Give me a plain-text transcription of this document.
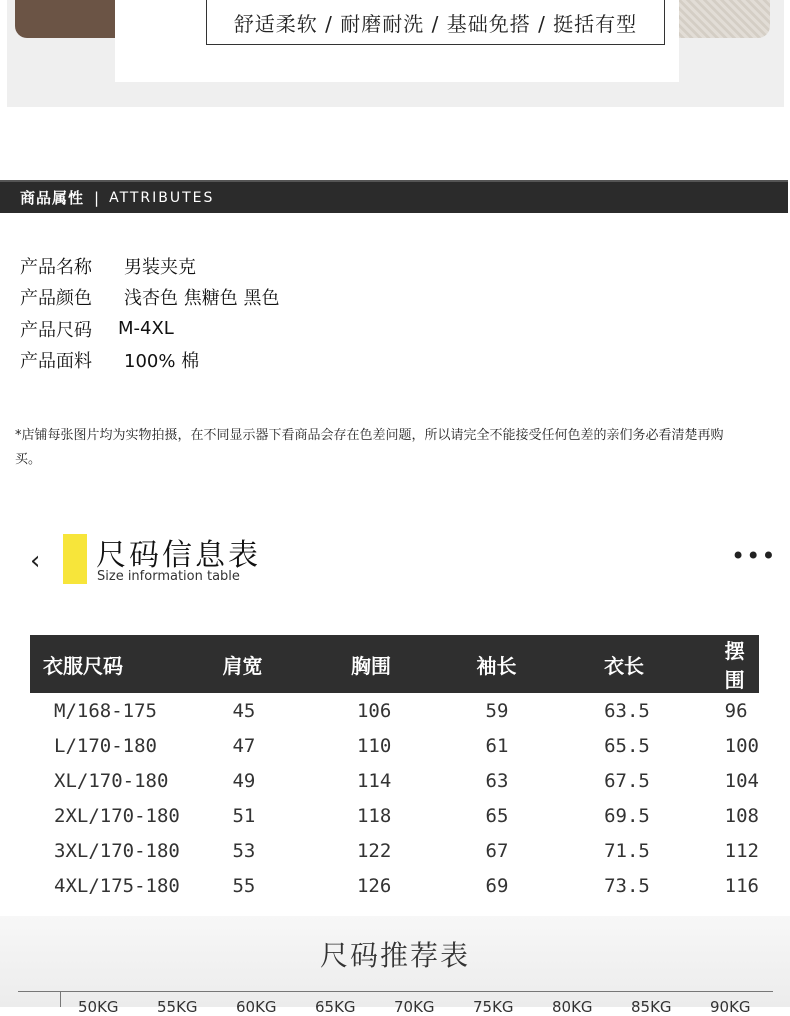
舒适柔软 / 耐磨耐洗 / 基础免搭 / 挺括有型
商品属性 | ATTRIBUTES
产品名称	男装夹克
产品颜色	浅杏色 焦糖色 黑色
产品尺码	M-4XL
产品面料	100% 棉
*店铺每张图片均为实物拍摄，在不同显示器下看商品会存在色差问题，所以请完全不能接受任何色差的亲们务必看清楚再购买。
‹ 尺码信息表
Size information table
•••
衣服尺码	肩宽	胸围	袖长	衣长	摆围
M/168-175	45	106	59	63.5	96
L/170-180	47	110	61	65.5	100
XL/170-180	49	114	63	67.5	104
2XL/170-180	51	118	65	69.5	108
3XL/170-180	53	122	67	71.5	112
4XL/175-180	55	126	69	73.5	116
尺码推荐表
50KG	55KG	60KG	65KG	70KG	75KG	80KG	85KG	90KG
